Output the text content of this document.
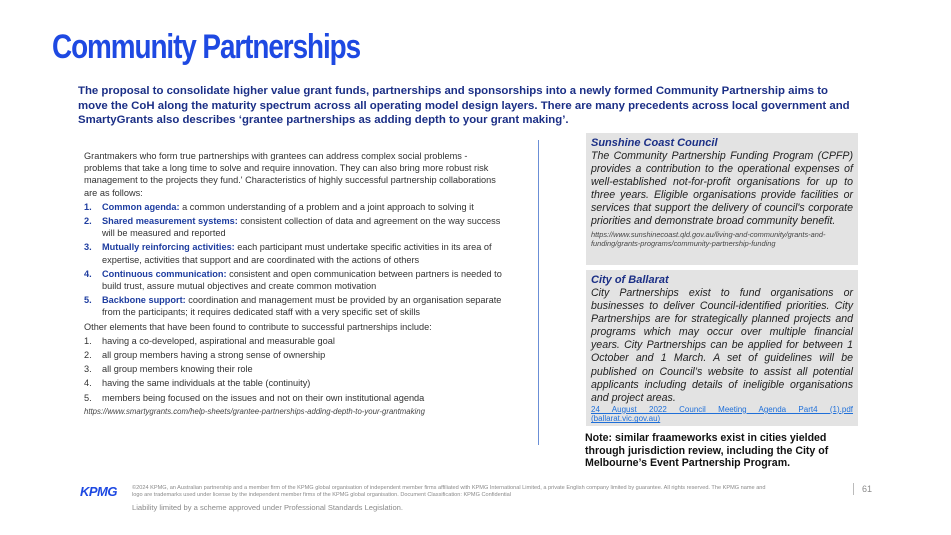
Community Partnerships
The proposal to consolidate higher value grant funds, partnerships and sponsorships into a newly formed Community Partnership aims to move the CoH along the maturity spectrum across all operating model design layers. There are many precedents across local government and SmartyGrants also describes ‘grantee partnerships as adding depth to your grant making’.

Grantmakers who form true partnerships with grantees can address complex social problems - problems that take a long time to solve and require innovation. They can also bring more robust risk management to the projects they fund.' Characteristics of highly successful partnership collaborations are as follows:

1.	Common agenda: a common understanding of a problem and a joint approach to solving it
2.	Shared measurement systems: consistent collection of data and agreement on the way success will be measured and reported
3.	Mutually reinforcing activities: each participant must undertake specific activities in its area of expertise, activities that support and are coordinated with the actions of others
4.	Continuous communication: consistent and open communication between partners is needed to build trust, assure mutual objectives and create common motivation
5.	Backbone support: coordination and management must be provided by an organisation separate from the participants; it requires dedicated staff with a very specific set of skills

Other elements that have been found to contribute to successful partnerships include:

1.	having a co-developed, aspirational and measurable goal
2.	all group members having a strong sense of ownership
3.	all group members knowing their role
4.	having the same individuals at the table (continuity)
5.	members being focused on the issues and not on their own institutional agenda
https://www.smartygrants.com/help-sheets/grantee-partnerships-adding-depth-to-your-grantmaking
Sunshine Coast Council
The Community Partnership Funding Program (CPFP) provides a contribution to the operational expenses of well-established not-for-profit organisations for up to three years. Eligible organisations provide facilities or services that support the delivery of council's corporate priorities and demonstrate broad community benefit.
https://www.sunshinecoast.qld.gov.au/living-and-community/grants-and-funding/grants-programs/community-partnership-funding
City of Ballarat
City Partnerships exist to fund organisations or businesses to deliver Council-identified priorities. City Partnerships are for strategically planned projects and programs which may occur over multiple financial years. City Partnerships can be applied for between 1 October and 1 March. A set of guidelines will be published on Council’s website to assist all potential applicants including details of ineligible organisations and project areas.
24 August 2022 Council Meeting Agenda Part4 (1).pdf (ballarat.vic.gov.au)
Note: similar fraameworks exist in cities yielded through jurisdiction review, including the City of Melbourne’s Event Partnership Program.
KPMG	©2024 KPMG, an Australian partnership and a member firm of the KPMG global organisation of independent member firms affiliated with KPMG International Limited, a private English company limited by guarantee. All rights reserved. The KPMG name and logo are trademarks used under license by the independent member firms of the KPMG global organisation. Document Classification: KPMG Confidential
Liability limited by a scheme approved under Professional Standards Legislation.
61
